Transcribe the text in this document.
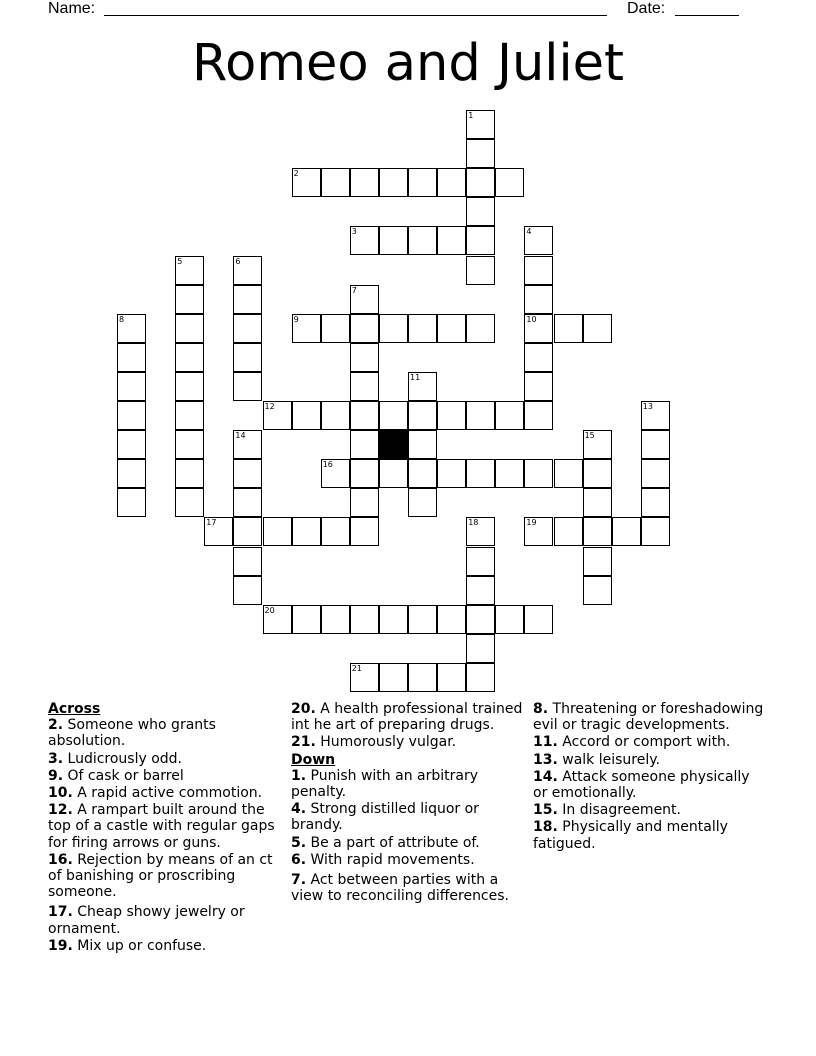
Name:	Date:
Romeo and Juliet
1
2
3	4
10
5	6
7
8	9
11
12	13
14	15
16
17	18	19
20
21
Across
2. Someone who grants absolution.
3. Ludicrously odd.
9. Of cask or barrel
10. A rapid active commotion.
12. A rampart built around the top of a castle with regular gaps for firing arrows or guns.
16. Rejection by means of an ct of banishing or proscribing someone.
17. Cheap showy jewelry or ornament.
19. Mix up or confuse.
20. A health professional trained int he art of preparing drugs.
21. Humorously vulgar.
Down
1. Punish with an arbitrary penalty.
4. Strong distilled liquor or brandy.
5. Be a part of attribute of.
6. With rapid movements.
7. Act between parties with a view to reconciling differences.
8. Threatening or foreshadowing evil or tragic developments.
11. Accord or comport with.
13. walk leisurely.
14. Attack someone physically or emotionally.
15. In disagreement.
18. Physically and mentally fatigued.
